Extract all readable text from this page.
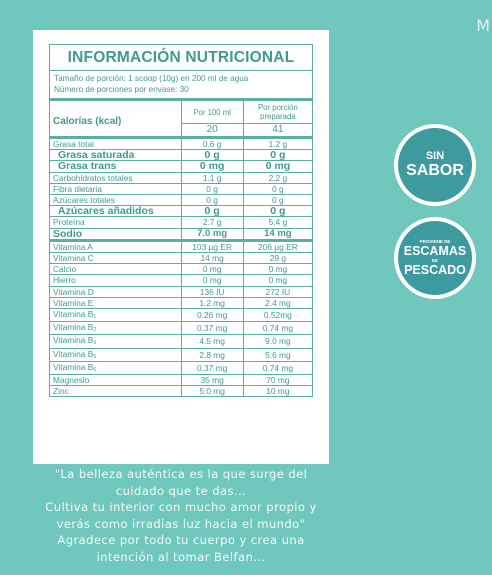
M
INFORMACIÓN NUTRICIONAL
Tamaño de porción: 1 scoop (10g) en 200 ml de agua
Número de porciones por envase: 30
	Por 100 ml	Por porción preparada
Calorías (kcal)	20	41
Grasa total	0.6 g	1.2 g
Grasa saturada	0 g	0 g
Grasa trans	0 mg	0 mg
Carbohidratos totales	1.1 g	2.2 g
Fibra dietaria	0 g	0 g
Azúcares totales	0 g	0 g
Azúcares añadidos	0 g	0 g
Proteína	2.7 g	5.4 g
Sodio	7.0 mg	14 mg
Vitamina A	103 µg ER	206 µg ER
Vitamina C	14 mg	29 g
Calcio	0 mg	0 mg
Hierro	0 mg	0 mg
Vitamina D	136 IU	272 IU
Vitamina E	1.2 mg	2.4 mg
Vitamina $B_1$	0.26 mg	0.52mg
Vitamina $B_2$	0.37 mg	0.74 mg
Vitamina $B_3$	4.5 mg	9.0 mg
Vitamina $B_5$	2.8 mg	5.6 mg
Vitamina $B_6$	0.37 mg	0.74 mg
Magnesio	35 mg	70 mg
Zinc	5.0 mg	10 mg
"La belleza auténtica es la que surge del
cuidado que te das...
Cultiva tu interior con mucho amor propio y
verás como irradias luz hacia el mundo"
Agradece por todo tu cuerpo y crea una
intención al tomar Belfan...
SIN
SABOR
PROVIENE DE
ESCAMAS
DE
PESCADO
